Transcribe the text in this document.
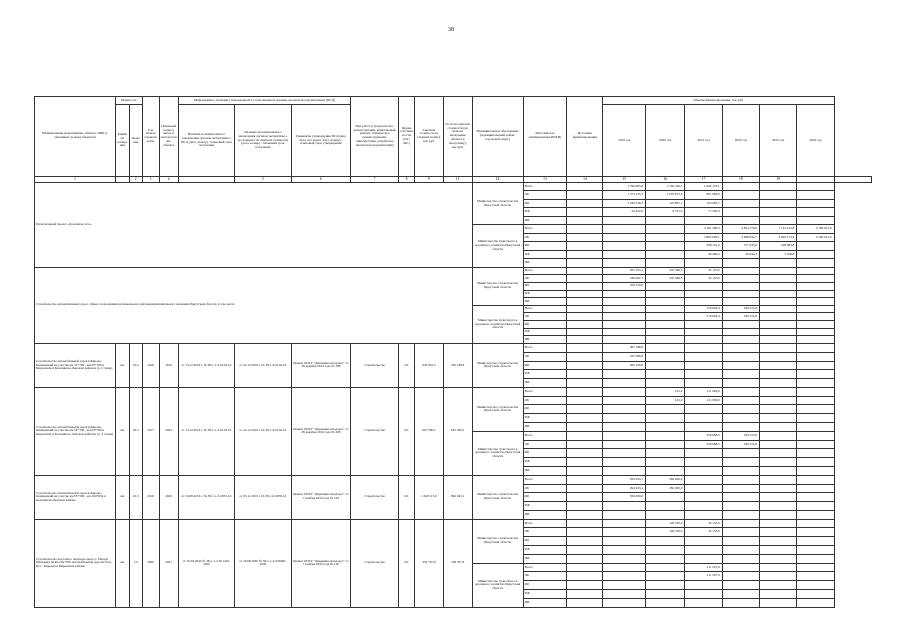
38
Наименование мероприятия, объекта, ПИР (с указанием сроков) объектов)	Мощность		Год начала строительства	Плановый период ввода в эксплуатацию объекта	Информация о наличии утвержденной в установленном порядке проектной документации (ПСД)			Вид работ (строительство, реконструкция, капитальный ремонт, техническое перевооружение, приобретение, разработка проектной документации)	Форма собственности (ОС/МС)	Сметная стоимость (в текущих ценах), тыс.руб.	Остаток сметной стоимости (на момент включения объекта в программу), тыс.руб.	Муниципальное образование (муниципальный район, городской округ)	Исполнитель (наименование ИОГВ)	Источник финансирования	Объемы финансирования, тыс.руб.						
	Единица измерения	Значение			Наличие положительного заключения органов экспертизы о ПСД (дата, номер) / плановый срок получения	Наличие положительного заключения органов экспертизы о достоверности сметной стоимости (дата, номер) / плановый срок получения	Реквизиты утверждения ПСД (вид акта, кто издал, дата, номер) / плановый срок утверждения								2019 год	2020 год	2021 год	2022 год	2023 год	2024 год	
1		2	3	4		5	6	7	8	9	11	12	13	14	15	16	17	18	19		
Региональный проект «Дорожная сеть»												Министерство строительства Иркутской области	Всего		1 796 983,0	3 142 410,3	1 040 176,1				
													ОБ		1 375 033,1	2 018 873,2	861 090,6				
													ФБ		1 330 018,5	125 807,1	163 685,7				
													МБ		20 452,6	8 757,0	17 590,4				
													ИИ								
												Министерство транспорта и дорожного хозяйства Иркутской области	Всего				4 281 580,3	4 854 176,6	7 145 425,8	4 760 051,6	
													ОБ				3 863 000,1	3 698 842,7	6 926 275,4	4 760 051,6	
													ФБ				368 122,0	377 945,6	209 983,8		
													МБ				39 460,2	36 944,3	3 358,6		
													ИИ								
Строительство автомобильных дорог общего пользования регионального или межмуниципального значения Иркутской области, в том числе												Министерство строительства Иркутской области	Всего		955 103,1	435 596,5	33 155,0				
													ОБ		349 092,1	435 596,5	33 155,0				
													ФБ		376 010,0						
													МБ								
													ИИ								
												Министерство транспорта и дорожного хозяйства Иркутской области	Всего				576 094,4	199 255,6			
													ОБ				576 094,4	199 255,6			
													ФБ								
													МБ								
													ИИ								
Строительство автомобильной дороги Кирово-Каменецкий на участке км 31+700 - км 63+700 в Кировском и Казачинско-Ленском районах (1,2 этапы)	км	10,4	2016	2019	от 13.12.2016 г. № 38-1-1-3-0159-16	от 22.12.2016 г. № 38-1-6-0156-16	Приказ ОГКУ "Дирекция автодорог" от 28 декабря 2016 года № 186	Строительство	ОС	643 932,2	305 188,8	Министерство строительства Иркутской области	Всего		305 188,8						
													ОБ		105 088,8						
													ФБ		200 100,0						
													МБ								
													ИИ								
Строительство автомобильной дороги Кирово-Каменецкий на участке км 54+700 - км 63+700 в Кировском и Казачинско-Ленском районах (3, 4 этапы)	км	16,5	2017	2022	от 13.12.2016 г. № 38-1-1-3-0159-16	от 22.12.2016 г. № 38-1-6-0156-16	Приказ ОГКУ "Дирекция автодорог" от 28 декабря 2016 года № 206	Строительство	ОС	667 590,2	667 590,2	Министерство строительства Иркутской области	Всего			161,2	111 096,9				
													ОБ			161,2	111 096,9				
													ФБ								
													МБ								
													ИИ								
												Министерство транспорта и дорожного хозяйства Иркутской области	Всего				356 088,5	199 255,6			
													ОБ				356 088,5	199 255,6			
													ФБ								
													МБ								
													ИИ								
Строительство автомобильной дороги Кирово-Каменецкий на участке км 85+500 - км 104+634 в Казачинско-Ленском районе	км	16,3	2016	2020	от 24.08.2016 г. № 38-1-1-3-0053-16	от 05.11.2016 г. № 38-1-6-0058-16	Приказ ОГКУ "Дирекция автодорог" от 7 ноября 2016 года № 164	Строительство	ОС	1 620 115,0	862 043,1	Министерство строительства Иркутской области	Всего		650 043,1	282 000,0					
													ОБ		294 043,1	282 000,0					
													ФБ		356 000,0						
													МБ								
													ИИ								
Строительство мостового перехода через р. Малую Мальцеву на км 224+003 автомобильной дороги Усть-Кут - Киренск в Киренском районе	км	1,2	2020	2021	от 10.04.2020 № 38-1-1-3-0I 1419-2020	от 19.08.2020 № 38-1-1-2-039405-2020	Приказ ОГКУ "Дирекция автодорог" от 7 ноября 2020 года № 126	Строительство	ОС	359 707,9	359 707,9	Министерство строительства Иркутской области	Всего			120 550,0	33 155,0				
													ОБ			120 550,0	33 155,0				
													ФБ								
													МБ								
													ИИ								
												Министерство транспорта и дорожного хозяйства Иркутской области	Всего				211 207,9				
													ОБ				211 207,9				
													ФБ								
													МБ								
													ИИ								
